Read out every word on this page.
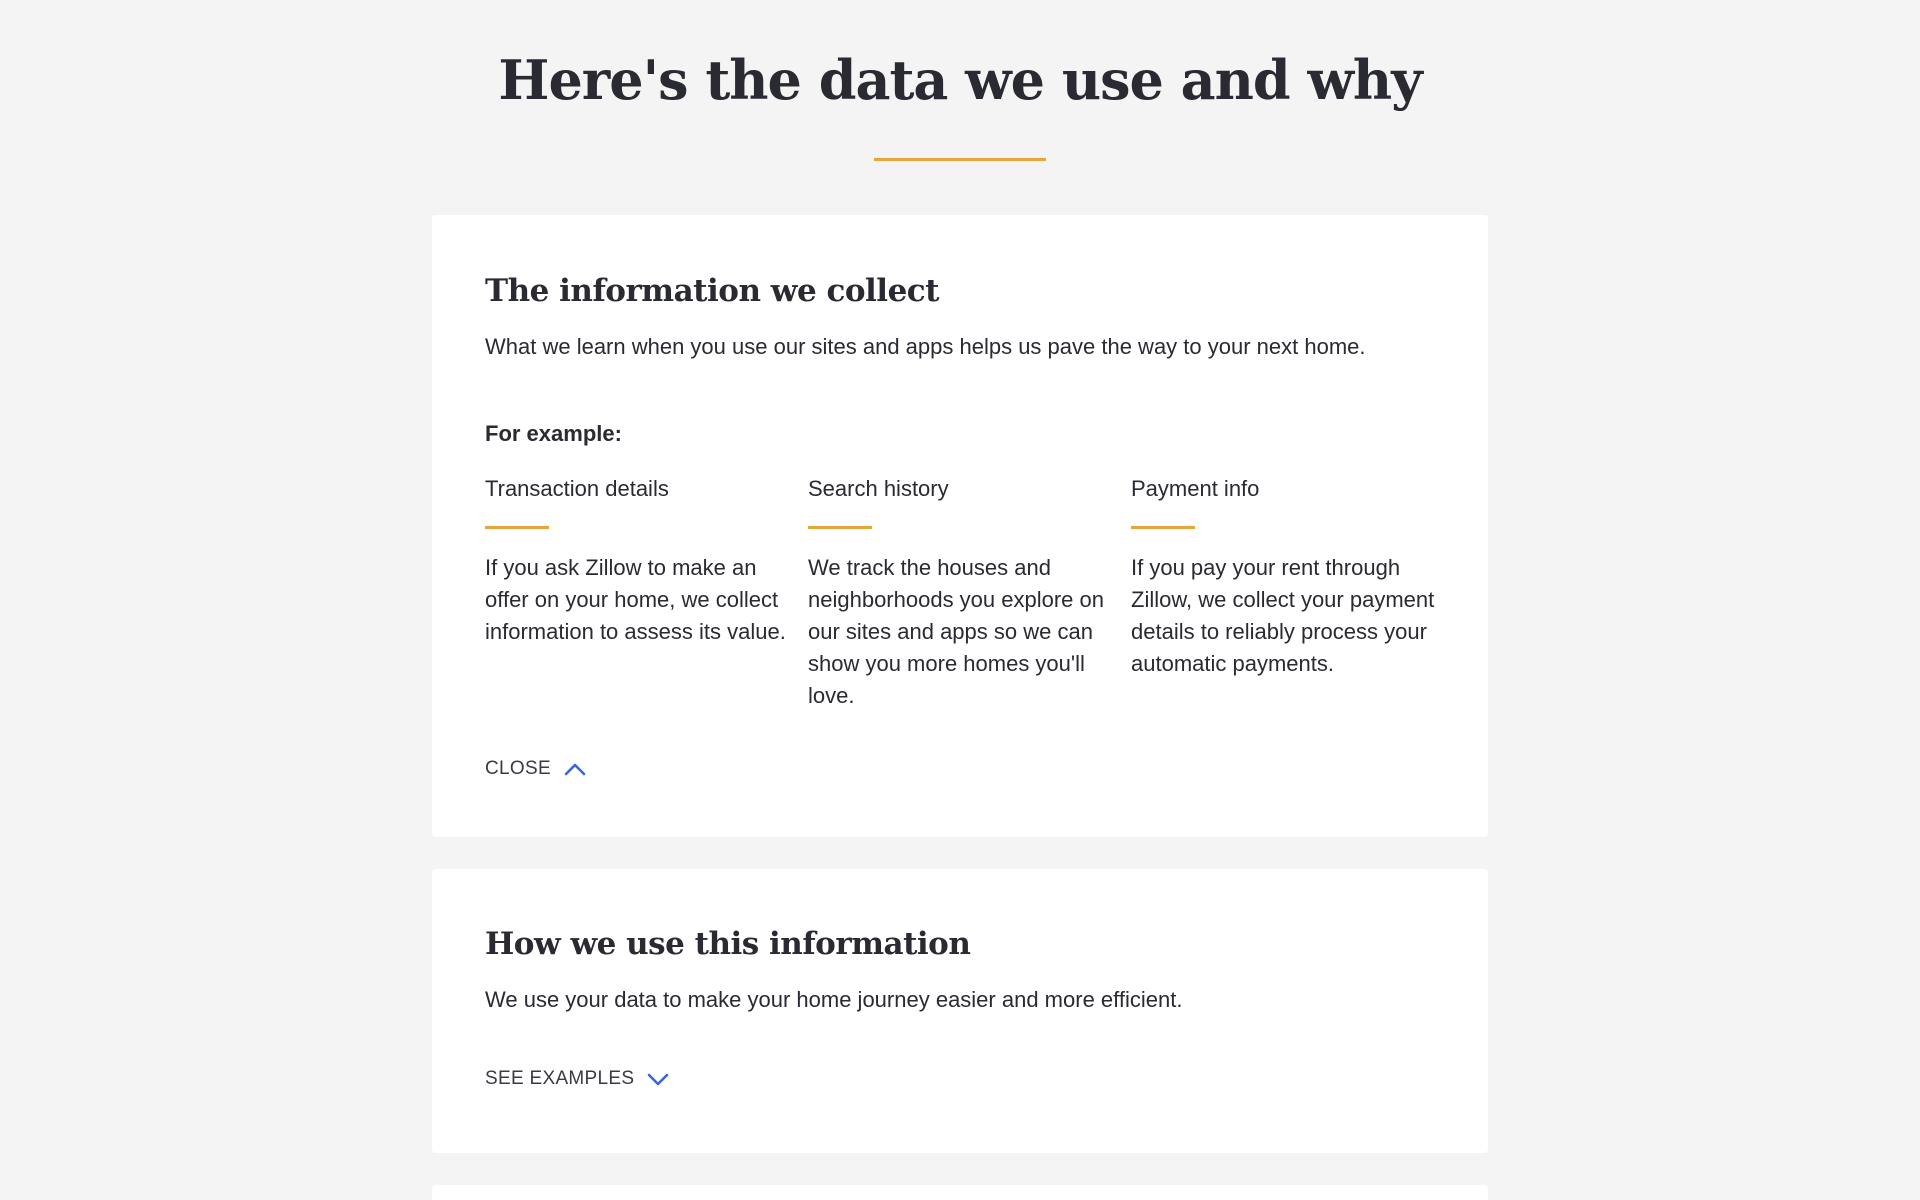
Here's the data we use and why
The information we collect

What we learn when you use our sites and apps helps us pave the way to your next home.

For example:
Transaction details
If you ask Zillow to make an offer on your home, we collect information to assess its value.
Search history
We track the houses and neighborhoods you explore on our sites and apps so we can show you more homes you'll love.
Payment info
If you pay your rent through Zillow, we collect your payment details to reliably process your automatic payments.
CLOSE
How we use this information

We use your data to make your home journey easier and more efficient.

SEE EXAMPLES
